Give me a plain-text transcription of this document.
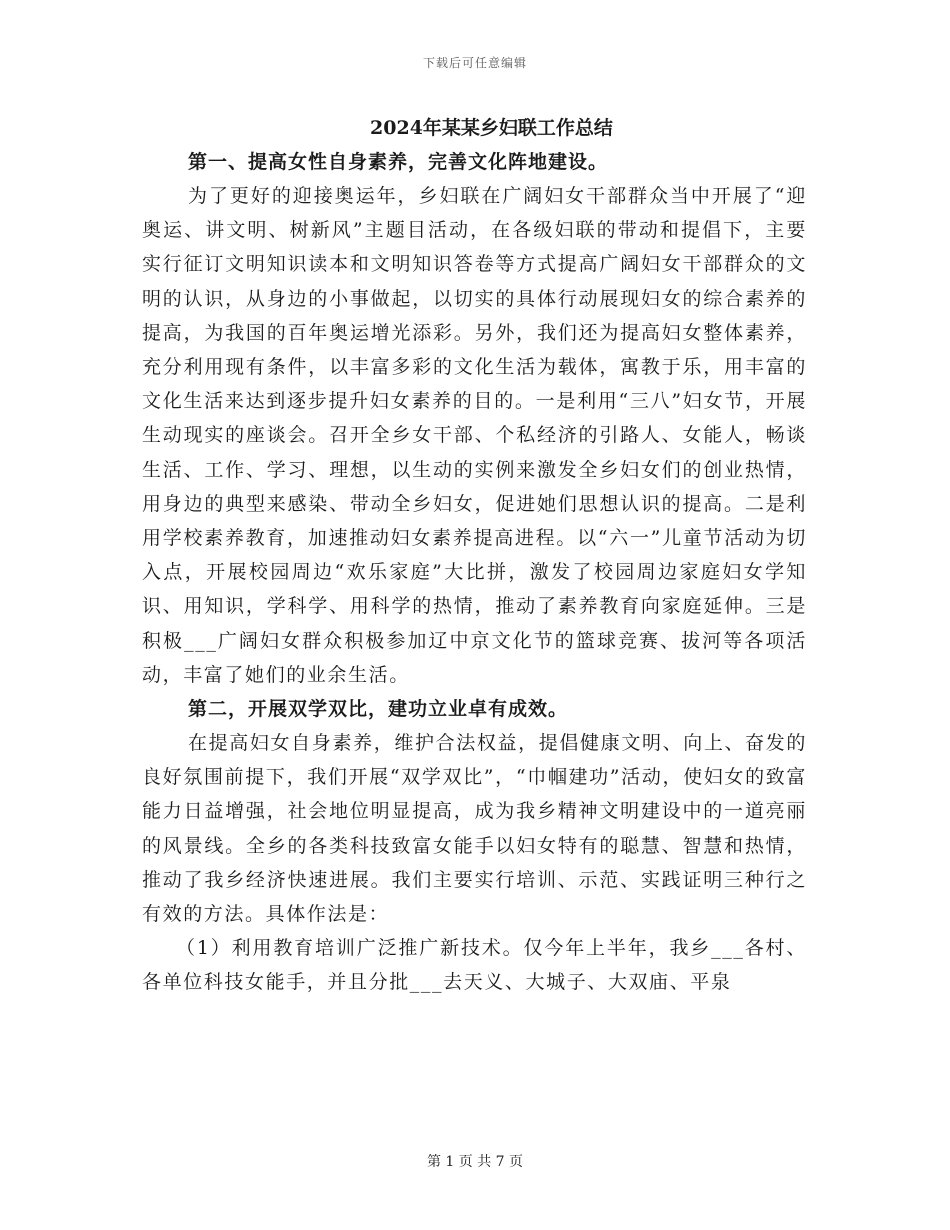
下载后可任意编辑
2024年某某乡妇联工作总结
第一、提高女性自身素养，完善文化阵地建设。

为了更好的迎接奥运年，乡妇联在广阔妇女干部群众当中开展了“迎奥运、讲文明、树新风”主题目活动，在各级妇联的带动和提倡下，主要实行征订文明知识读本和文明知识答卷等方式提高广阔妇女干部群众的文明的认识，从身边的小事做起，以切实的具体行动展现妇女的综合素养的提高，为我国的百年奥运增光添彩。另外，我们还为提高妇女整体素养，充分利用现有条件，以丰富多彩的文化生活为载体，寓教于乐，用丰富的文化生活来达到逐步提升妇女素养的目的。一是利用“三八”妇女节，开展生动现实的座谈会。召开全乡女干部、个私经济的引路人、女能人，畅谈生活、工作、学习、理想，以生动的实例来激发全乡妇女们的创业热情，用身边的典型来感染、带动全乡妇女，促进她们思想认识的提高。二是利用学校素养教育，加速推动妇女素养提高进程。以“六一”儿童节活动为切入点，开展校园周边“欢乐家庭”大比拼，激发了校园周边家庭妇女学知识、用知识，学科学、用科学的热情，推动了素养教育向家庭延伸。三是积极___广阔妇女群众积极参加辽中京文化节的篮球竞赛、拔河等各项活动，丰富了她们的业余生活。

第二，开展双学双比，建功立业卓有成效。

在提高妇女自身素养，维护合法权益，提倡健康文明、向上、奋发的良好氛围前提下，我们开展“双学双比”，“巾帼建功”活动，使妇女的致富能力日益增强，社会地位明显提高，成为我乡精神文明建设中的一道亮丽的风景线。全乡的各类科技致富女能手以妇女特有的聪慧、智慧和热情，推动了我乡经济快速进展。我们主要实行培训、示范、实践证明三种行之有效的方法。具体作法是：

（1）利用教育培训广泛推广新技术。仅今年上半年，我乡___各村、各单位科技女能手，并且分批___去天义、大城子、大双庙、平泉

第 1 页 共 7 页
